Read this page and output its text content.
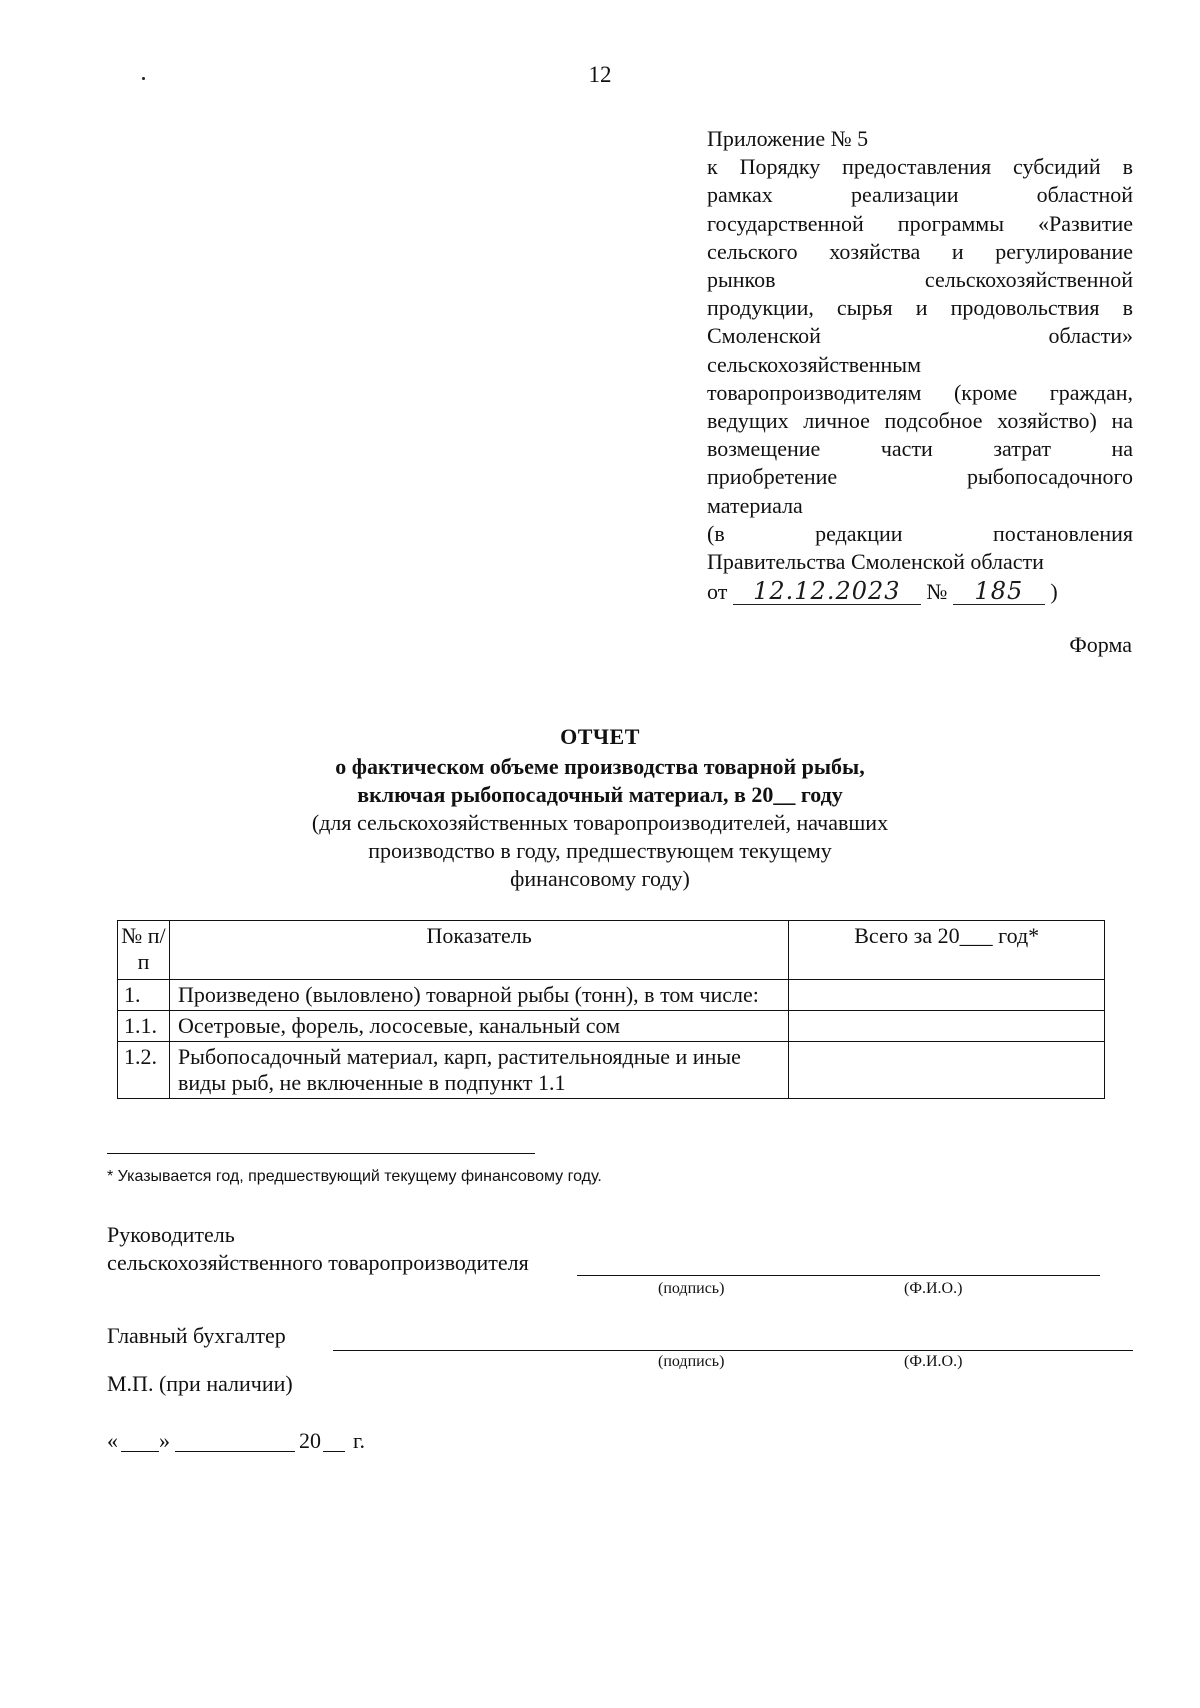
12
Приложение № 5
к Порядку предоставления субсидий в
рамках реализации областной
государственной программы «Развитие
сельского хозяйства и регулирование
рынков сельскохозяйственной
продукции, сырья и продовольствия в
Смоленской области»
сельскохозяйственным
товаропроизводителям (кроме граждан,
ведущих личное подсобное хозяйство) на
возмещение части затрат на
приобретение рыбопосадочного
материала
(в редакции постановления
Правительства Смоленской области
от 12.12.2023 № 185 )
Форма
ОТЧЕТ
о фактическом объеме производства товарной рыбы,
включая рыбопосадочный материал, в 20__ году
(для сельскохозяйственных товаропроизводителей, начавших
производство в году, предшествующем текущему
финансовому году)
№ п/п	Показатель	Всего за 20___ год*
1.	Произведено (выловлено) товарной рыбы (тонн), в том числе:	
1.1.	Осетровые, форель, лососевые, канальный сом	
1.2.	Рыбопосадочный материал, карп, растительноядные и иные виды рыб, не включенные в подпункт 1.1	
* Указывается год, предшествующий текущему финансовому году.
Руководитель
сельскохозяйственного товаропроизводителя
(подпись)	(Ф.И.О.)
Главный бухгалтер
(подпись)	(Ф.И.О.)
М.П. (при наличии)
« »	20 г.
